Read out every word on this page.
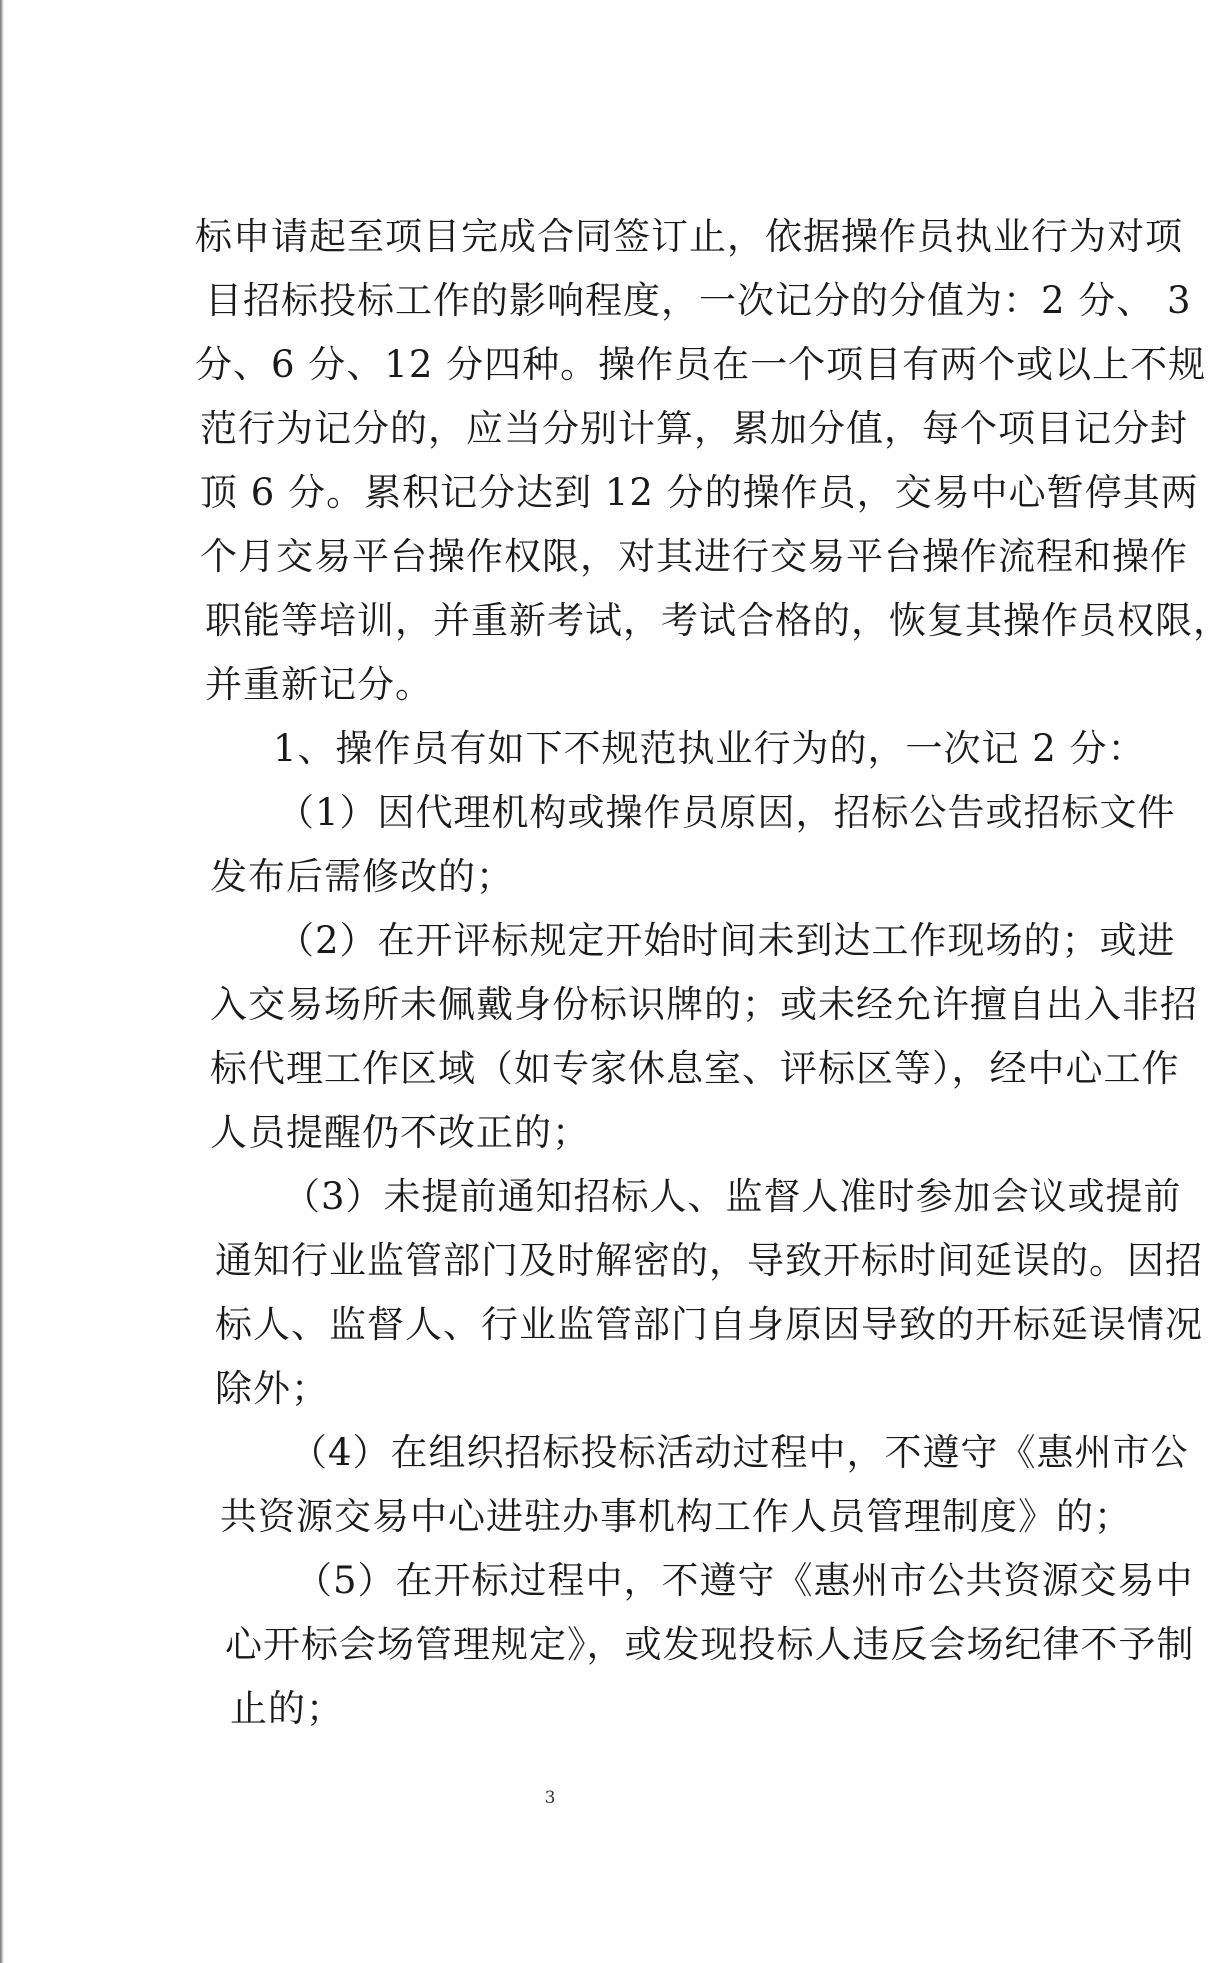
标申请起至项目完成合同签订止，依据操作员执业行为对项
目招标投标工作的影响程度，一次记分的分值为：2 分、 3
分、6 分、12 分四种。操作员在一个项目有两个或以上不规
范行为记分的，应当分别计算，累加分值，每个项目记分封
顶 6 分。累积记分达到 12 分的操作员，交易中心暂停其两
个月交易平台操作权限，对其进行交易平台操作流程和操作
职能等培训，并重新考试，考试合格的，恢复其操作员权限，
并重新记分。
1、操作员有如下不规范执业行为的，一次记 2 分：
（1）因代理机构或操作员原因，招标公告或招标文件
发布后需修改的；
（2）在开评标规定开始时间未到达工作现场的；或进
入交易场所未佩戴身份标识牌的；或未经允许擅自出入非招
标代理工作区域（如专家休息室、评标区等），经中心工作
人员提醒仍不改正的；
（3）未提前通知招标人、监督人准时参加会议或提前
通知行业监管部门及时解密的，导致开标时间延误的。因招
标人、监督人、行业监管部门自身原因导致的开标延误情况
除外；
（4）在组织招标投标活动过程中，不遵守《惠州市公
共资源交易中心进驻办事机构工作人员管理制度》的；
（5）在开标过程中，不遵守《惠州市公共资源交易中
心开标会场管理规定》，或发现投标人违反会场纪律不予制
止的；
3
